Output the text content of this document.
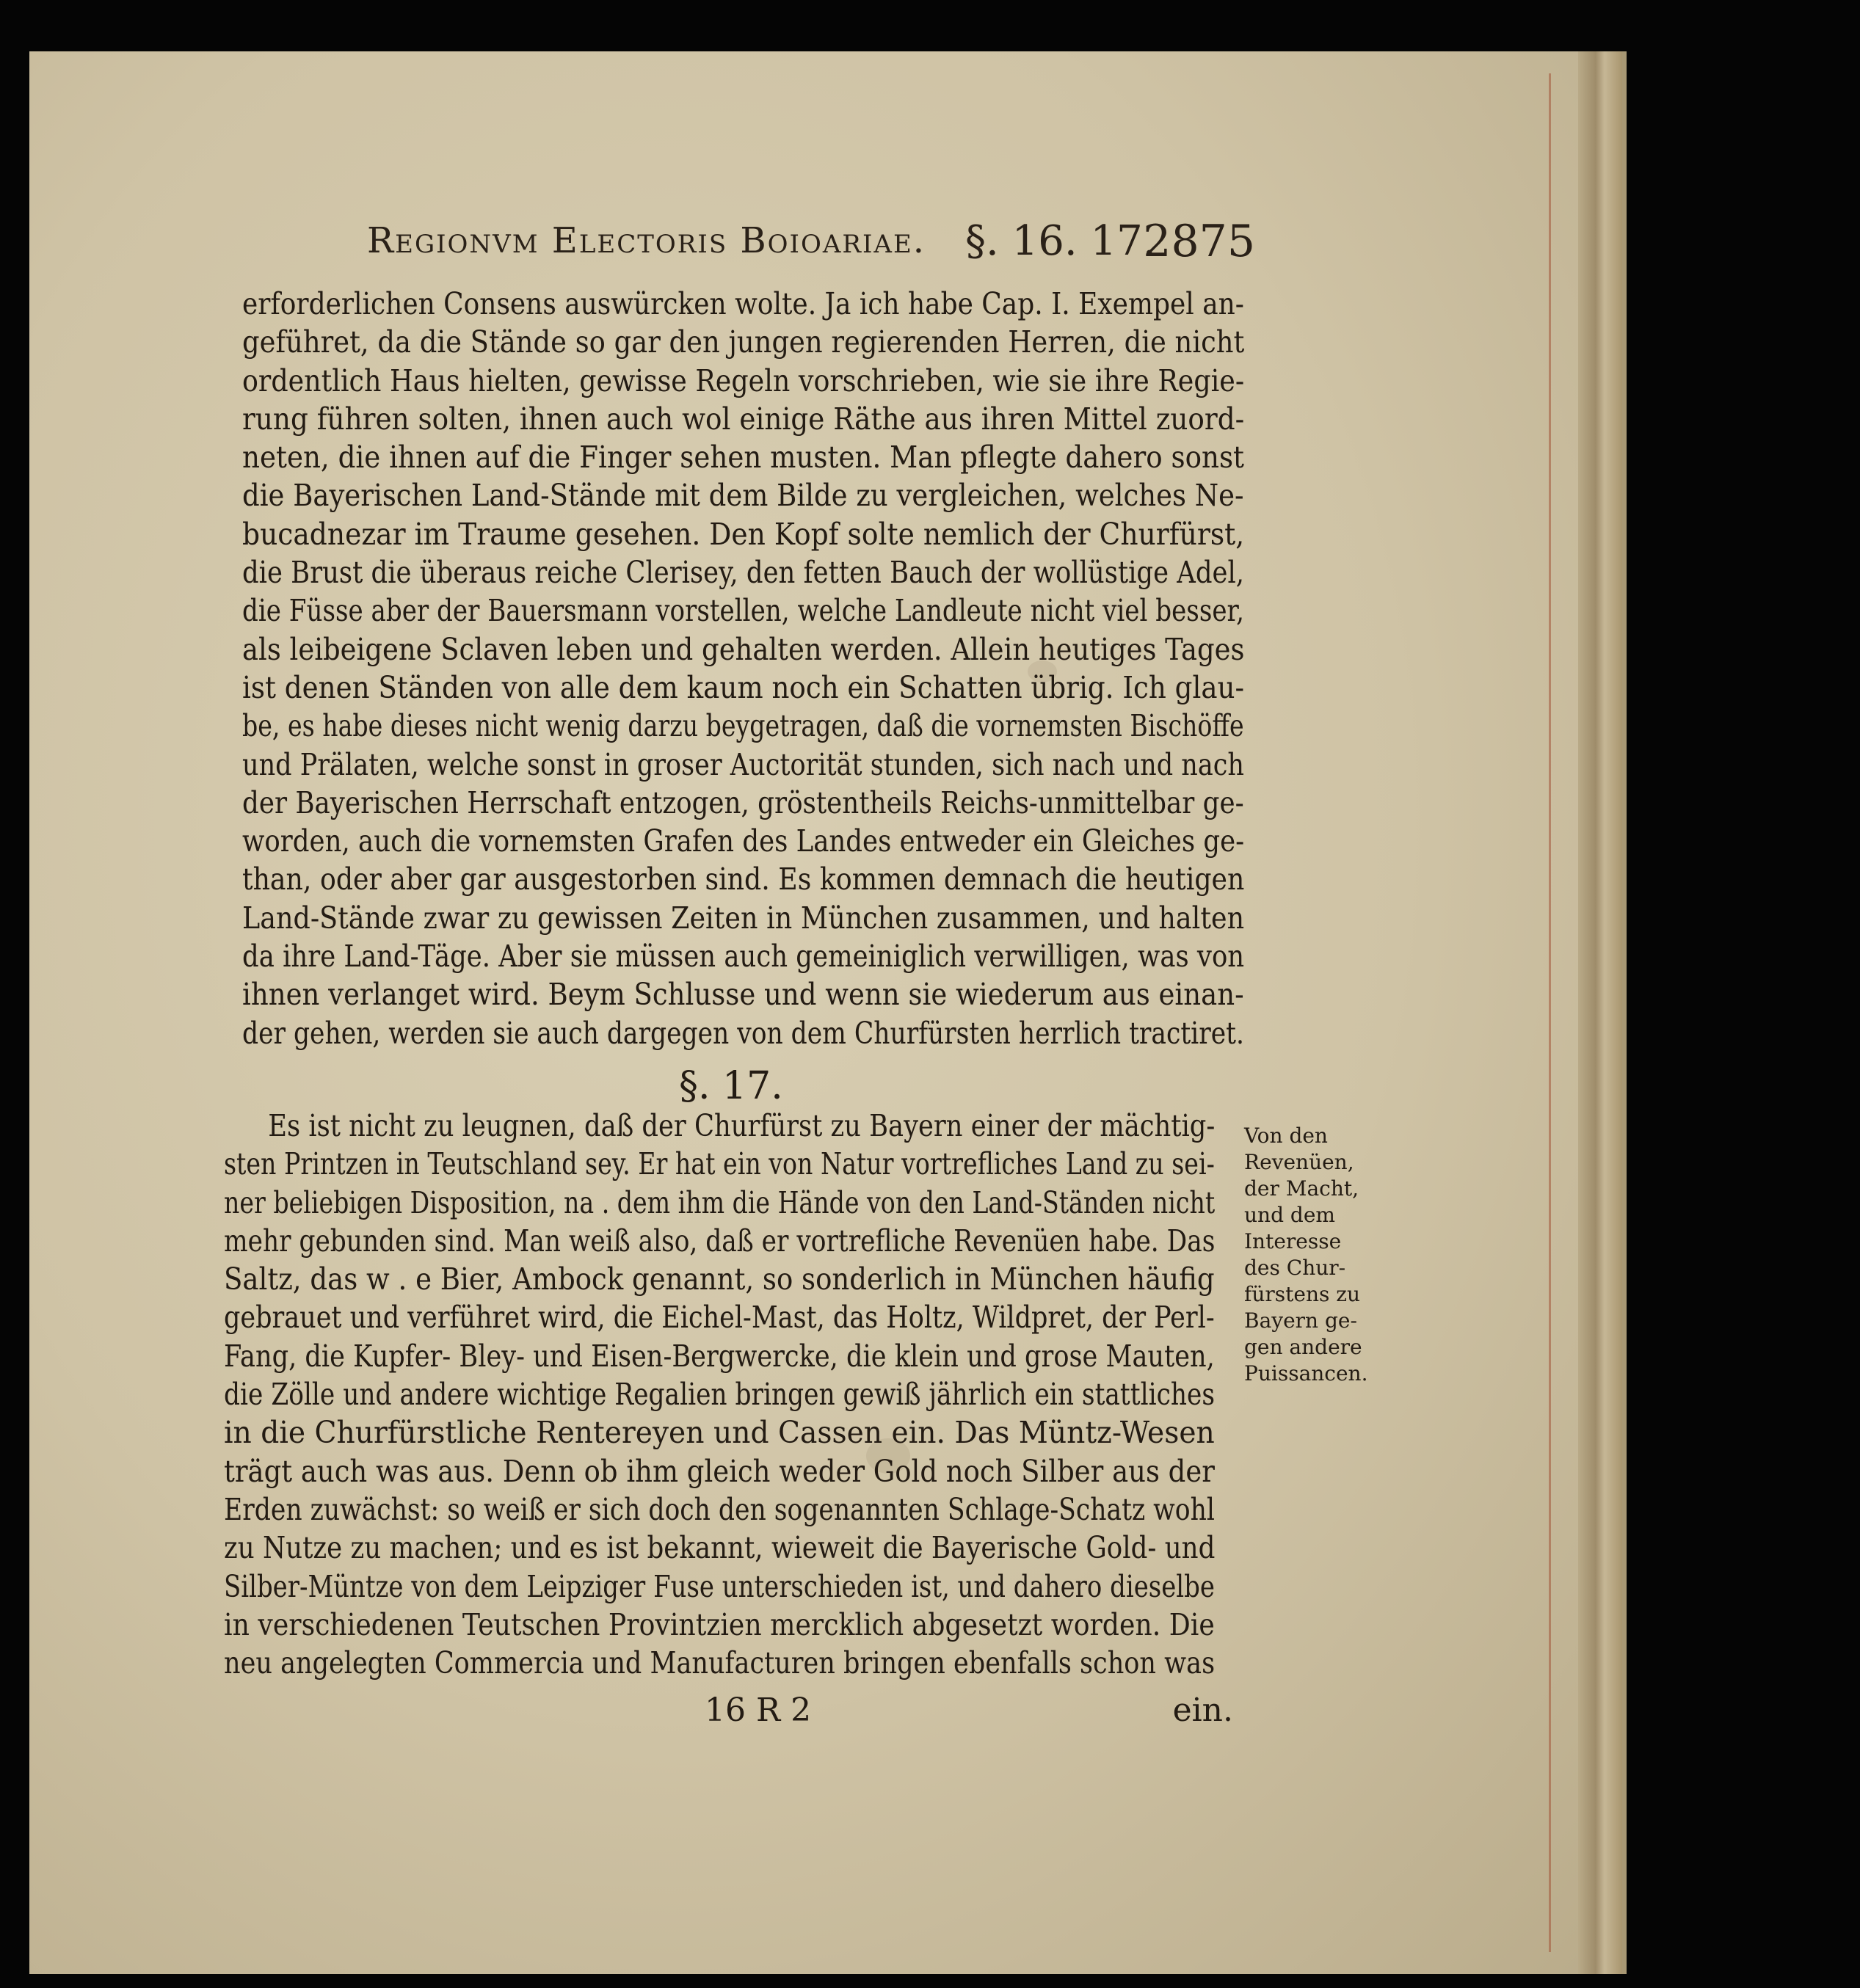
Regionvm Electoris Boioariae. §. 16. 17.
2875
erforderlichen Consens auswürcken wolte. Ja ich habe Cap. I. Exempel an-
geführet, da die Stände so gar den jungen regierenden Herren, die nicht
ordentlich Haus hielten, gewisse Regeln vorschrieben, wie sie ihre Regie-
rung führen solten, ihnen auch wol einige Räthe aus ihren Mittel zuord-
neten, die ihnen auf die Finger sehen musten. Man pflegte dahero sonst
die Bayerischen Land-Stände mit dem Bilde zu vergleichen, welches Ne-
bucadnezar im Traume gesehen. Den Kopf solte nemlich der Churfürst,
die Brust die überaus reiche Clerisey, den fetten Bauch der wollüstige Adel,
die Füsse aber der Bauersmann vorstellen, welche Landleute nicht viel besser,
als leibeigene Sclaven leben und gehalten werden. Allein heutiges Tages
ist denen Ständen von alle dem kaum noch ein Schatten übrig. Ich glau-
be, es habe dieses nicht wenig darzu beygetragen, daß die vornemsten Bischöffe
und Prälaten, welche sonst in groser Auctorität stunden, sich nach und nach
der Bayerischen Herrschaft entzogen, gröstentheils Reichs-unmittelbar ge-
worden, auch die vornemsten Grafen des Landes entweder ein Gleiches ge-
than, oder aber gar ausgestorben sind. Es kommen demnach die heutigen
Land-Stände zwar zu gewissen Zeiten in München zusammen, und halten
da ihre Land-Täge. Aber sie müssen auch gemeiniglich verwilligen, was von
ihnen verlanget wird. Beym Schlusse und wenn sie wiederum aus einan-
der gehen, werden sie auch dargegen von dem Churfürsten herrlich tractiret.
§. 17.
Es ist nicht zu leugnen, daß der Churfürst zu Bayern einer der mächtig-
sten Printzen in Teutschland sey. Er hat ein von Natur vortrefliches Land zu sei-
ner beliebigen Disposition, na . dem ihm die Hände von den Land-Ständen nicht
mehr gebunden sind. Man weiß also, daß er vortrefliche Revenüen habe. Das
Saltz, das w . e Bier, Ambock genannt, so sonderlich in München häufig
gebrauet und verführet wird, die Eichel-Mast, das Holtz, Wildpret, der Perl-
Fang, die Kupfer- Bley- und Eisen-Bergwercke, die klein und grose Mauten,
die Zölle und andere wichtige Regalien bringen gewiß jährlich ein stattliches
in die Churfürstliche Rentereyen und Cassen ein. Das Müntz-Wesen
trägt auch was aus. Denn ob ihm gleich weder Gold noch Silber aus der
Erden zuwächst: so weiß er sich doch den sogenannten Schlage-Schatz wohl
zu Nutze zu machen; und es ist bekannt, wieweit die Bayerische Gold- und
Silber-Müntze von dem Leipziger Fuse unterschieden ist, und dahero dieselbe
in verschiedenen Teutschen Provintzien mercklich abgesetzt worden. Die
neu angelegten Commercia und Manufacturen bringen ebenfalls schon was
Von den
Revenüen,
der Macht,
und dem
Interesse
des Chur-
fürstens zu
Bayern ge-
gen andere
Puissancen.
16 R 2	ein.
